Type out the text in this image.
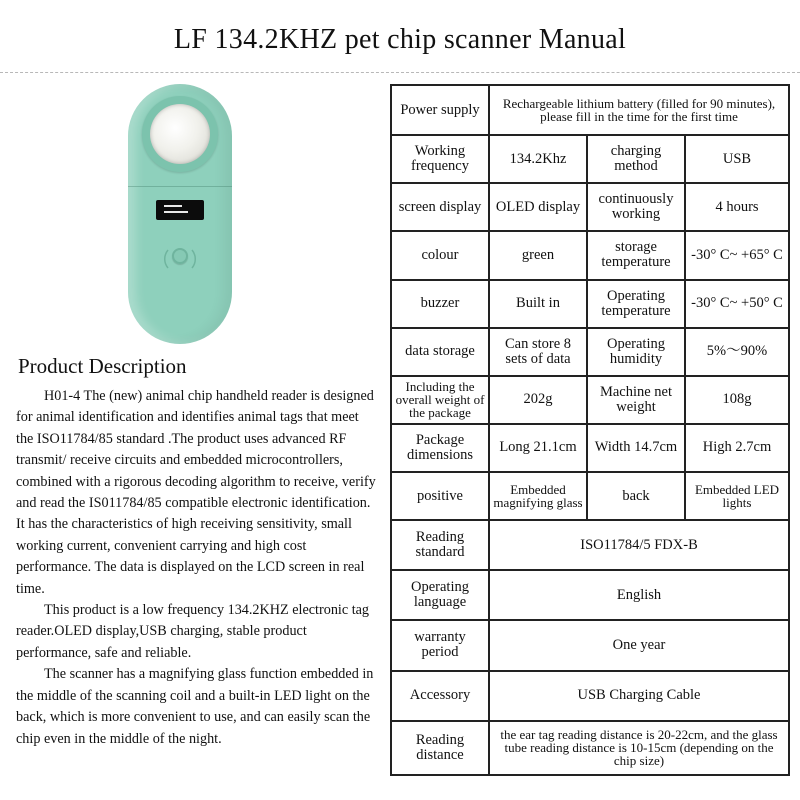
LF 134.2KHZ pet chip scanner Manual
Product Description

H01-4 The (new) animal chip handheld reader is designed for animal identification and identifies animal tags that meet the ISO11784/85 standard .The product uses advanced RF transmit/ receive circuits and embedded microcontrollers, combined with a rigorous decoding algorithm to receive, verify and read the IS011784/85 compatible electronic identification. It has the characteristics of high receiving sensitivity, small working current, convenient carrying and high cost performance. The data is displayed on the LCD screen in real time.

This product is a low frequency 134.2KHZ electronic tag reader.OLED display,USB charging, stable product performance, safe and reliable.

The scanner has a magnifying glass function embedded in the middle of the scanning coil and a built-in LED light on the back, which is more convenient to use, and can easily scan the chip even in the middle of the night.

Power supply	Rechargeable lithium battery (filled for 90 minutes), please fill in the time for the first time		
Working frequency	134.2Khz	charging method	USB
screen display	OLED display	continuously working	4 hours
colour	green	storage temperature	-30° C~ +65° C
buzzer	Built in	Operating temperature	-30° C~ +50° C
data storage	Can store 8 sets of data	Operating humidity	5%～90%
Including the overall weight of the package	202g	Machine net weight	108g
Package dimensions	Long 21.1cm	Width 14.7cm	High 2.7cm
positive	Embedded magnifying glass	back	Embedded LED lights
Reading standard	ISO11784/5 FDX-B		
Operating language	English		
warranty period	One year		
Accessory	USB Charging Cable		
Reading distance	the ear tag reading distance is 20-22cm, and the glass tube reading distance is 10-15cm (depending on the chip size)		
